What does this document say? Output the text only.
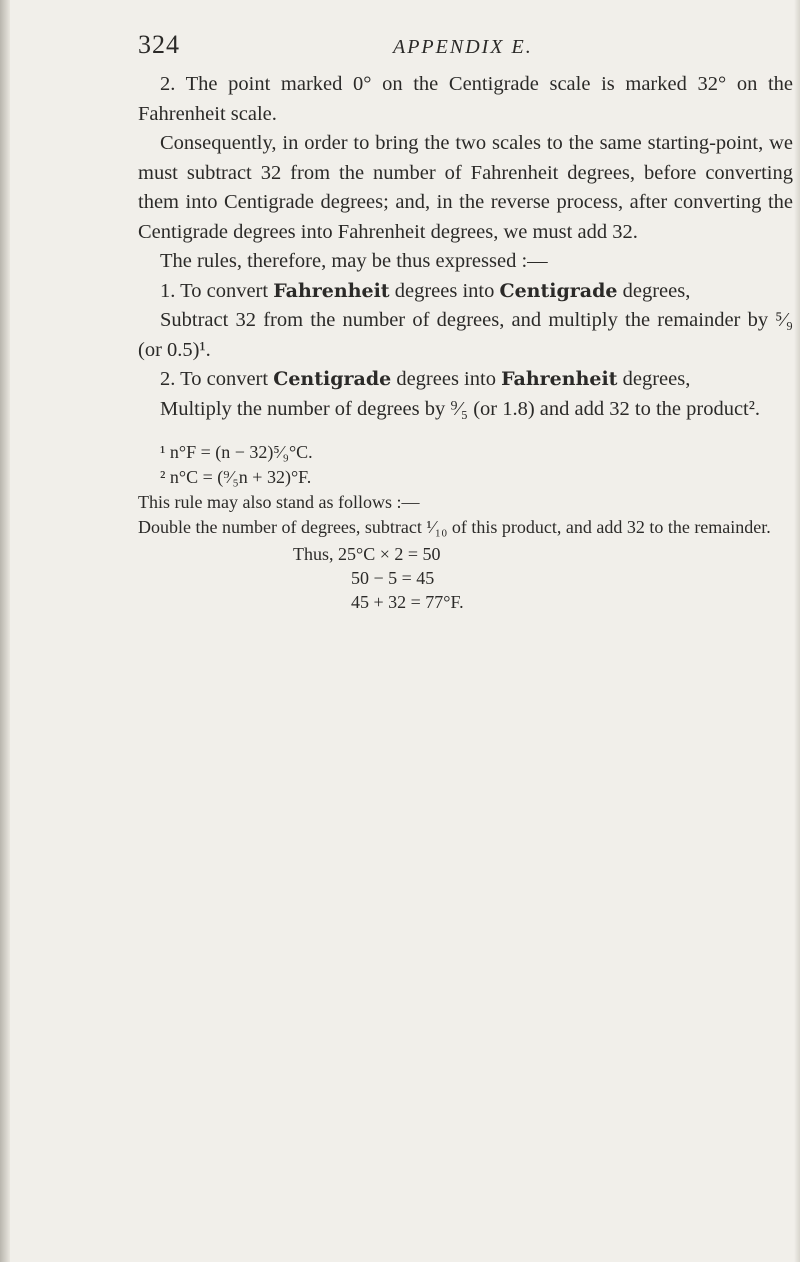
324	APPENDIX E.

2. The point marked 0° on the Centigrade scale is marked 32° on the Fahrenheit scale.

Consequently, in order to bring the two scales to the same starting-point, we must subtract 32 from the number of Fahrenheit degrees, before converting them into Centigrade degrees; and, in the reverse process, after converting the Centigrade degrees into Fahrenheit degrees, we must add 32.

The rules, therefore, may be thus expressed :—

1. To convert Fahrenheit degrees into Centigrade degrees,

Subtract 32 from the number of degrees, and multiply the remainder by ⁵⁄₉ (or 0.5)¹.

2. To convert Centigrade degrees into Fahrenheit degrees,

Multiply the number of degrees by ⁹⁄₅ (or 1.8) and add 32 to the product².

¹ n°F = (n − 32)⁵⁄₉°C.

² n°C = (⁹⁄₅n + 32)°F.

This rule may also stand as follows :—

Double the number of degrees, subtract ¹⁄₁₀ of this product, and add 32 to the remainder.

Thus, 25°C × 2 = 50

50 − 5 = 45

45 + 32 = 77°F.
